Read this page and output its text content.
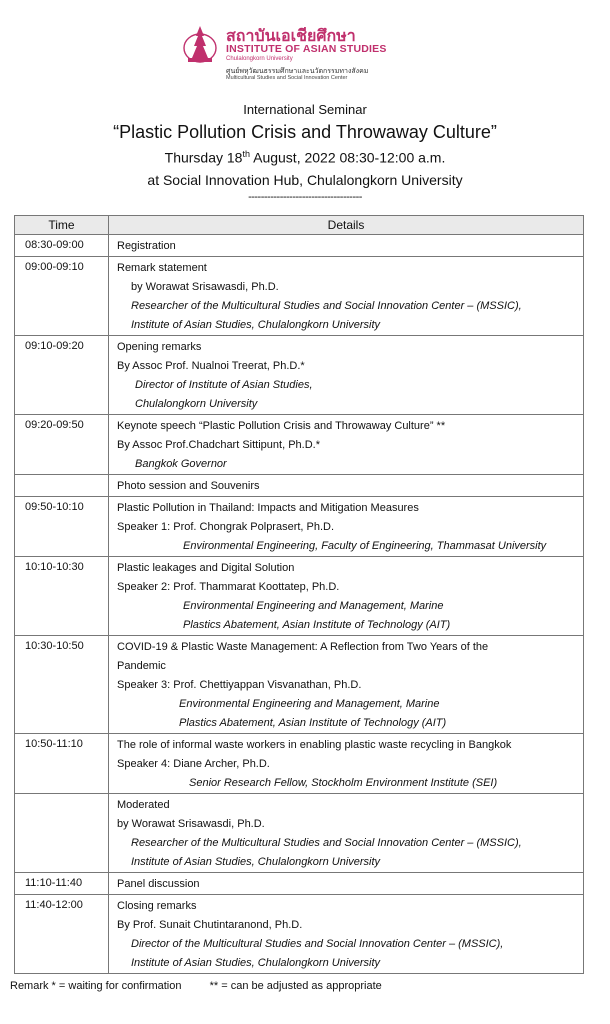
สถาบันเอเชียศึกษา
INSTITUTE OF ASIAN STUDIES
Chulalongkorn University
ศูนย์พหุวัฒนธรรมศึกษาและนวัตกรรมทางสังคม
Multicultural Studies and Social Innovation Center
International Seminar
“Plastic Pollution Crisis and Throwaway Culture”
Thursday 18th August, 2022 08:30-12:00 a.m.
at Social Innovation Hub, Chulalongkorn University
------------------------------------
Time	Details
08:30-09:00	Registration

09:00-09:10	Remark statement
by Worawat Srisawasdi, Ph.D.
Researcher of the Multicultural Studies and Social Innovation Center – (MSSIC),
Institute of Asian Studies, Chulalongkorn University

09:10-09:20	Opening remarks
By Assoc Prof. Nualnoi Treerat, Ph.D.*
Director of Institute of Asian Studies,
Chulalongkorn University

09:20-09:50	Keynote speech “Plastic Pollution Crisis and Throwaway Culture” **
By Assoc Prof.Chadchart Sittipunt, Ph.D.*
Bangkok Governor

	Photo session and Souvenirs

09:50-10:10	Plastic Pollution in Thailand: Impacts and Mitigation Measures
Speaker 1: Prof. Chongrak Polprasert, Ph.D.
Environmental Engineering, Faculty of Engineering, Thammasat University

10:10-10:30	Plastic leakages and Digital Solution
Speaker 2: Prof. Thammarat Koottatep, Ph.D.
Environmental Engineering and Management, Marine
Plastics Abatement, Asian Institute of Technology (AIT)

10:30-10:50	COVID-19 & Plastic Waste Management: A Reflection from Two Years of the
Pandemic
Speaker 3: Prof. Chettiyappan Visvanathan, Ph.D.
Environmental Engineering and Management, Marine
Plastics Abatement, Asian Institute of Technology (AIT)

10:50-11:10	The role of informal waste workers in enabling plastic waste recycling in Bangkok
Speaker 4: Diane Archer, Ph.D.
Senior Research Fellow, Stockholm Environment Institute (SEI)

	Moderated
by Worawat Srisawasdi, Ph.D.
Researcher of the Multicultural Studies and Social Innovation Center – (MSSIC),
Institute of Asian Studies, Chulalongkorn University

11:10-11:40	Panel discussion

11:40-12:00	Closing remarks
By Prof. Sunait Chutintaranond, Ph.D.
Director of the Multicultural Studies and Social Innovation Center – (MSSIC),
Institute of Asian Studies, Chulalongkorn University
Remark * = waiting for confirmation	** = can be adjusted as appropriate
